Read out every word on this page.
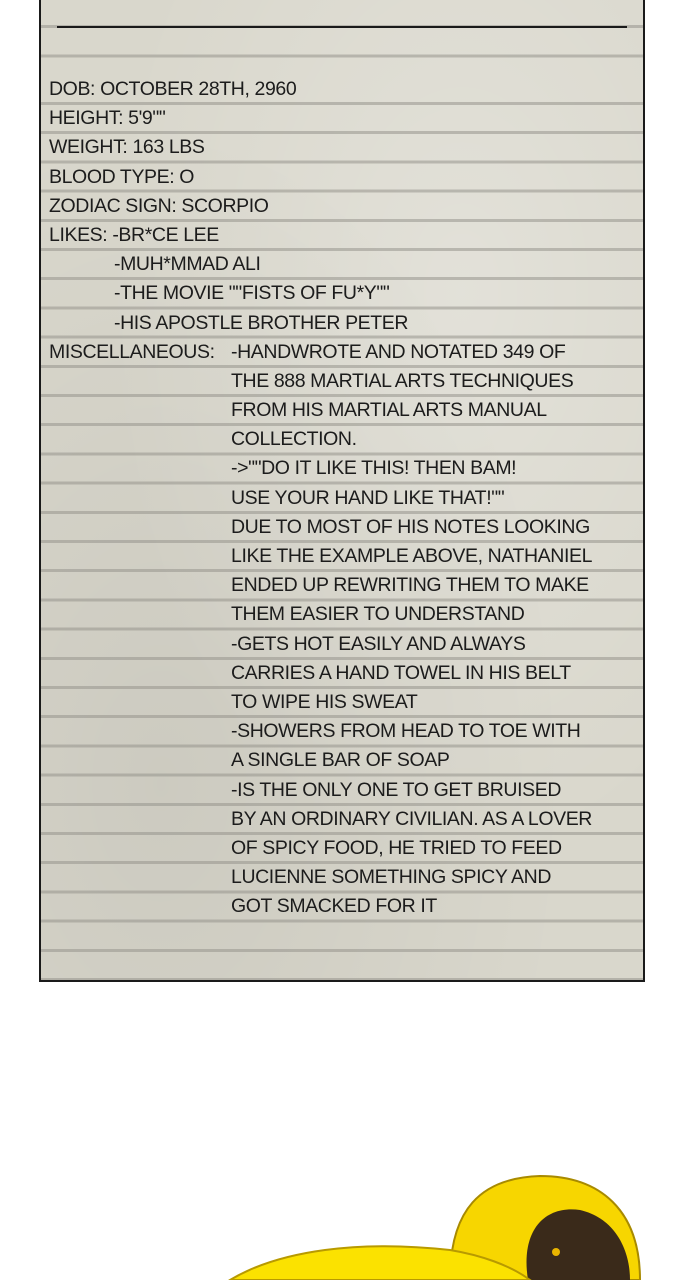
DOB: OCTOBER 28TH, 2960
HEIGHT: 5'9""
WEIGHT: 163 LBS
BLOOD TYPE: O
ZODIAC SIGN: SCORPIO
LIKES: -BR*CE LEE
-MUH*MMAD ALI
-THE MOVIE ""FISTS OF FU*Y""
-HIS APOSTLE BROTHER PETER
MISCELLANEOUS: -HANDWROTE AND NOTATED 349 OF
THE 888 MARTIAL ARTS TECHNIQUES
FROM HIS MARTIAL ARTS MANUAL
COLLECTION.
->""DO IT LIKE THIS! THEN BAM!
USE YOUR HAND LIKE THAT!""
DUE TO MOST OF HIS NOTES LOOKING
LIKE THE EXAMPLE ABOVE, NATHANIEL
ENDED UP REWRITING THEM TO MAKE
THEM EASIER TO UNDERSTAND
-GETS HOT EASILY AND ALWAYS
CARRIES A HAND TOWEL IN HIS BELT
TO WIPE HIS SWEAT
-SHOWERS FROM HEAD TO TOE WITH
A SINGLE BAR OF SOAP
-IS THE ONLY ONE TO GET BRUISED
BY AN ORDINARY CIVILIAN. AS A LOVER
OF SPICY FOOD, HE TRIED TO FEED
LUCIENNE SOMETHING SPICY AND
GOT SMACKED FOR IT
